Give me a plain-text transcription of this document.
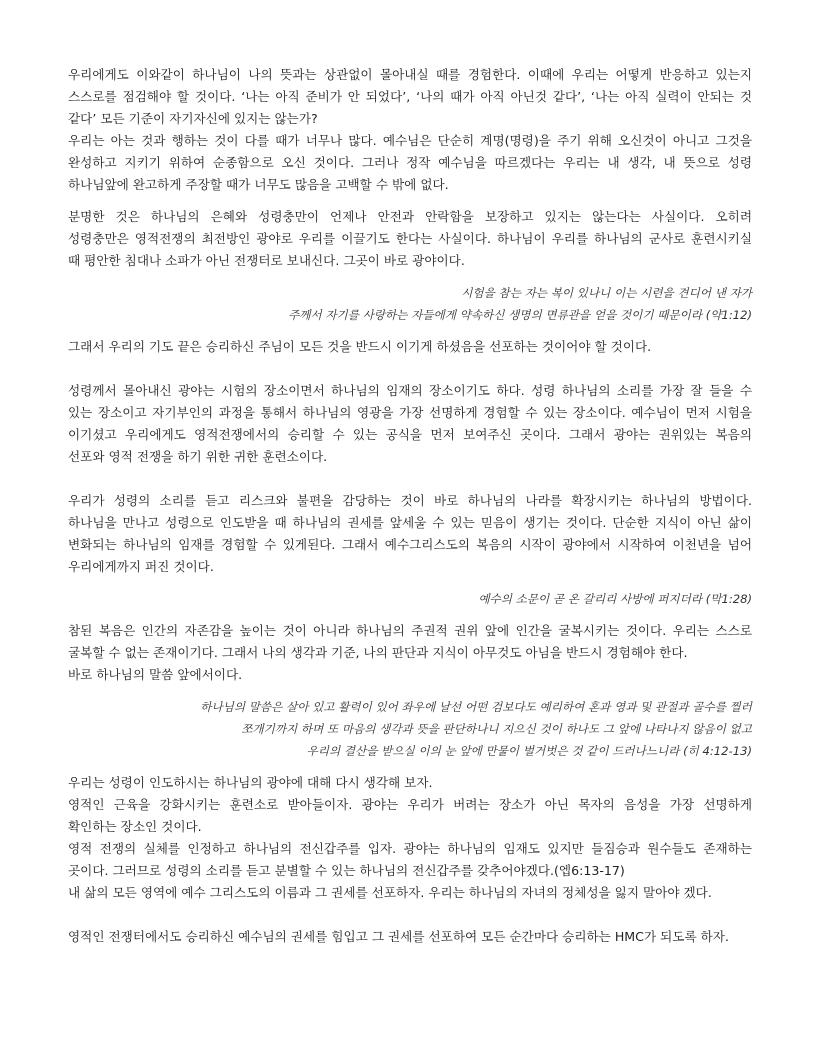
우리에게도 이와같이 하나님이 나의 뜻과는 상관없이 몰아내실 때를 경험한다. 이때에 우리는 어떻게 반응하고 있는지
스스로를 점검해야 할 것이다. ‘나는 아직 준비가 안 되었다’, ‘나의 때가 아직 아닌것 같다’, ‘나는 아직 실력이 안되는 것
같다’ 모든 기준이 자기자신에 있지는 않는가?

우리는 아는 것과 행하는 것이 다를 때가 너무나 많다. 예수님은 단순히 계명(명령)을 주기 위해 오신것이 아니고 그것을
완성하고 지키기 위하여 순종함으로 오신 것이다. 그러나 정작 예수님을 따르겠다는 우리는 내 생각, 내 뜻으로 성령
하나님앞에 완고하게 주장할 때가 너무도 많음을 고백할 수 밖에 없다.

분명한 것은 하나님의 은혜와 성령충만이 언제나 안전과 안락함을 보장하고 있지는 않는다는 사실이다. 오히려
성령충만은 영적전쟁의 최전방인 광야로 우리를 이끌기도 한다는 사실이다. 하나님이 우리를 하나님의 군사로 훈련시키실
때 평안한 침대나 소파가 아닌 전쟁터로 보내신다. 그곳이 바로 광야이다.

시험을 참는 자는 복이 있나니 이는 시련을 견디어 낸 자가
주께서 자기를 사랑하는 자들에게 약속하신 생명의 면류관을 얻을 것이기 때문이라 (약1:12)

그래서 우리의 기도 끝은 승리하신 주님이 모든 것을 반드시 이기게 하셨음을 선포하는 것이어야 할 것이다.

성령께서 몰아내신 광야는 시험의 장소이면서 하나님의 임재의 장소이기도 하다. 성령 하나님의 소리를 가장 잘 들을 수
있는 장소이고 자기부인의 과정을 통해서 하나님의 영광을 가장 선명하게 경험할 수 있는 장소이다. 예수님이 먼저 시험을
이기셨고 우리에게도 영적전쟁에서의 승리할 수 있는 공식을 먼저 보여주신 곳이다. 그래서 광야는 권위있는 복음의
선포와 영적 전쟁을 하기 위한 귀한 훈련소이다.

우리가 성령의 소리를 듣고 리스크와 불편을 감당하는 것이 바로 하나님의 나라를 확장시키는 하나님의 방법이다.
하나님을 만나고 성령으로 인도받을 때 하나님의 권세를 앞세울 수 있는 믿음이 생기는 것이다. 단순한 지식이 아닌 삶이
변화되는 하나님의 임재를 경험할 수 있게된다. 그래서 예수그리스도의 복음의 시작이 광야에서 시작하여 이천년을 넘어
우리에게까지 퍼진 것이다.

예수의 소문이 곧 온 갈리리 사방에 퍼지더라 (막1:28)

참된 복음은 인간의 자존감을 높이는 것이 아니라 하나님의 주권적 권위 앞에 인간을 굴복시키는 것이다. 우리는 스스로
굴복할 수 없는 존재이기다. 그래서 나의 생각과 기준, 나의 판단과 지식이 아무것도 아님을 반드시 경험해야 한다.
바로 하나님의 말씀 앞에서이다.

하나님의 말씀은 살아 있고 활력이 있어 좌우에 날선 어떤 검보다도 예리하여 혼과 영과 및 관절과 골수를 찔러
쪼개기까지 하며 또 마음의 생각과 뜻을 판단하나니 지으신 것이 하나도 그 앞에 나타나지 않음이 없고
우리의 결산을 받으실 이의 눈 앞에 만물이 벌거벗은 것 같이 드러나느니라 (히 4:12-13)

우리는 성령이 인도하시는 하나님의 광야에 대해 다시 생각해 보자.
영적인 근육을 강화시키는 훈련소로 받아들이자. 광야는 우리가 버려는 장소가 아닌 목자의 음성을 가장 선명하게
확인하는 장소인 것이다.
영적 전쟁의 실체를 인정하고 하나님의 전신갑주를 입자. 광야는 하나님의 임재도 있지만 들짐승과 원수들도 존재하는
곳이다. 그러므로 성령의 소리를 듣고 분별할 수 있는 하나님의 전신갑주를 갖추어야겠다.(엡6:13-17)
내 삶의 모든 영역에 예수 그리스도의 이름과 그 권세를 선포하자. 우리는 하나님의 자녀의 정체성을 잃지 말아야 겠다.

영적인 전쟁터에서도 승리하신 예수님의 권세를 힘입고 그 권세를 선포하여 모든 순간마다 승리하는 HMC가 되도록 하자.
